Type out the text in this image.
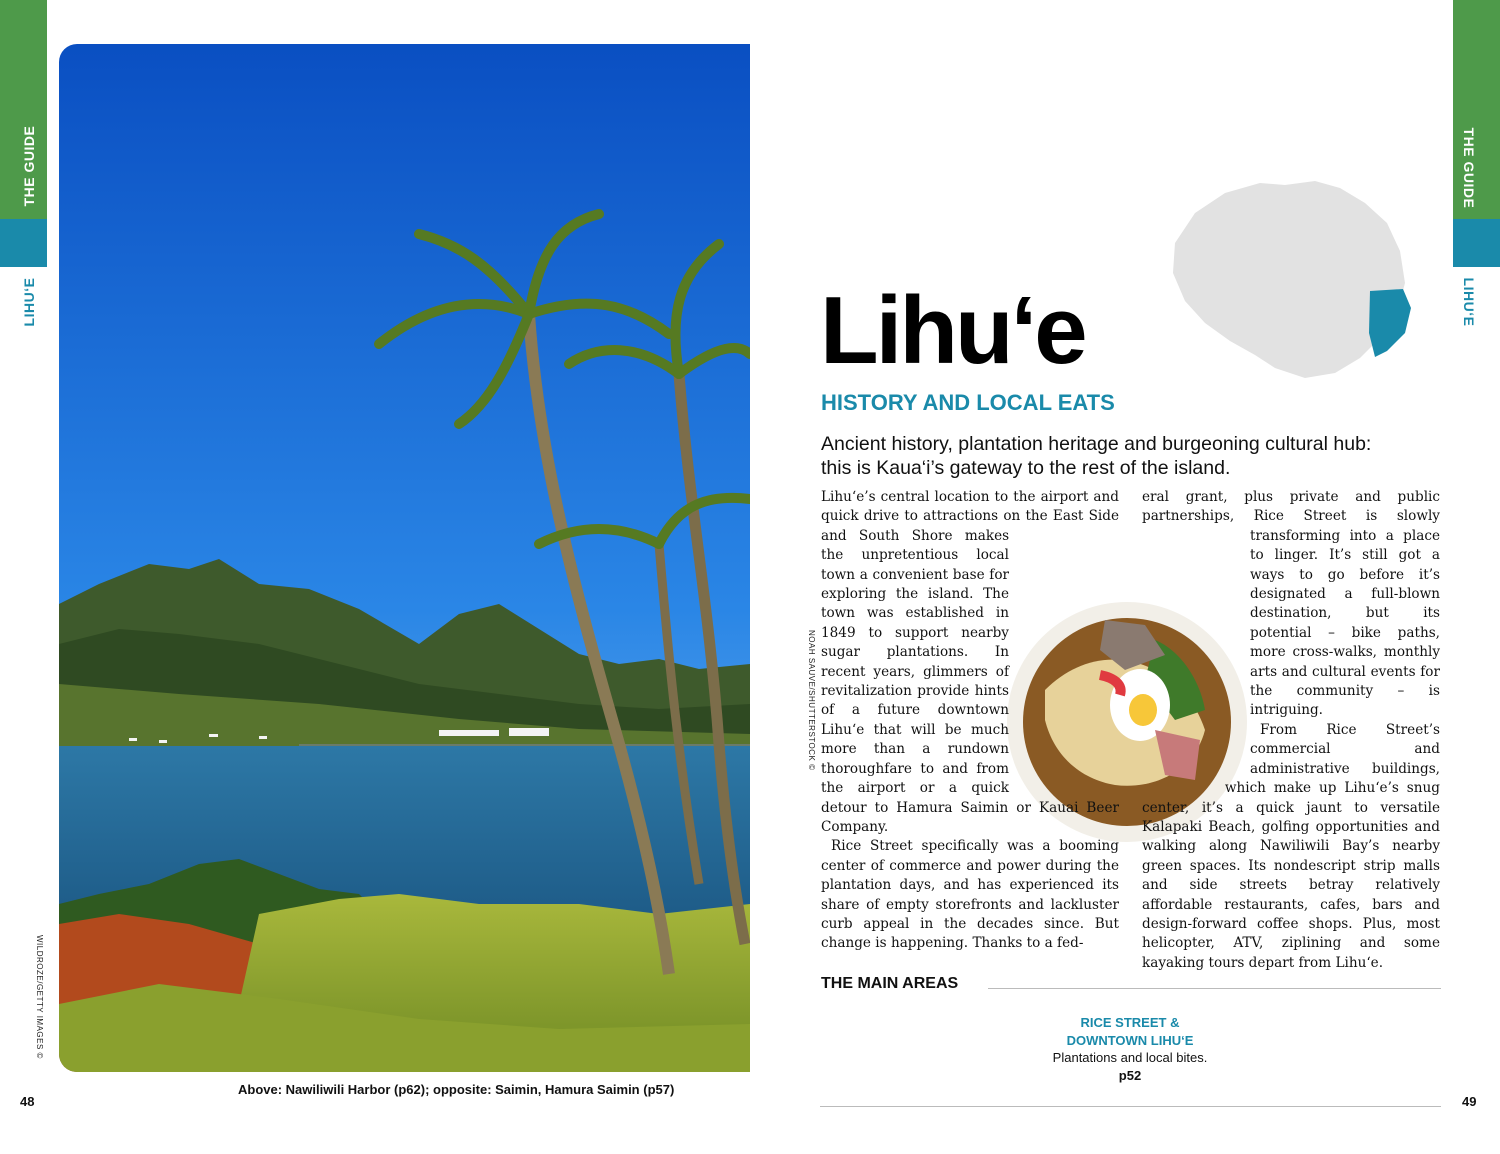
THE GUIDE
LIHU‘E
THE GUIDE
LIHU‘E
WILDROZE/GETTY IMAGES ©
Above: Nawiliwili Harbor (p62); opposite: Saimin, Hamura Saimin (p57)
48	49
Lihu‘e
HISTORY AND LOCAL EATS
Ancient history, plantation heritage and burgeoning cultural hub: this is Kaua‘i’s gateway to the rest of the island.
NOAH SAUVE/SHUTTERSTOCK ©

Lihu‘e’s central location to the airport and quick drive to attractions on the East Side and South Shore makes the unpretentious local town a convenient base for exploring the island. The town was established in 1849 to support nearby sugar plantations. In recent years, glimmers of revitalization provide hints of a future downtown Lihu‘e that will be much more than a rundown thoroughfare to and from the airport or a quick detour to Hamura Saimin or Kauai Beer Company.

Rice Street specifically was a booming center of commerce and power during the plantation days, and has experienced its share of empty storefronts and lackluster curb appeal in the decades since. But change is happening. Thanks to a fed-

eral grant, plus private and public partnerships, Rice Street is slowly transforming into a place to linger. It’s still got a ways to go before it’s designated a full-blown destination, but its potential – bike paths, more cross-walks, monthly arts and cultural events for the community – is intriguing.

From Rice Street’s commercial and administrative buildings, which make up Lihu‘e’s snug center, it’s a quick jaunt to versatile Kalapaki Beach, golfing opportunities and walking along Nawiliwili Bay’s nearby green spaces. Its nondescript strip malls and side streets betray relatively affordable restaurants, cafes, bars and design-forward coffee shops. Plus, most helicopter, ATV, ziplining and some kayaking tours depart from Lihu‘e.

THE MAIN AREAS
RICE STREET &
DOWNTOWN LIHU‘E
Plantations and local bites.
p52
